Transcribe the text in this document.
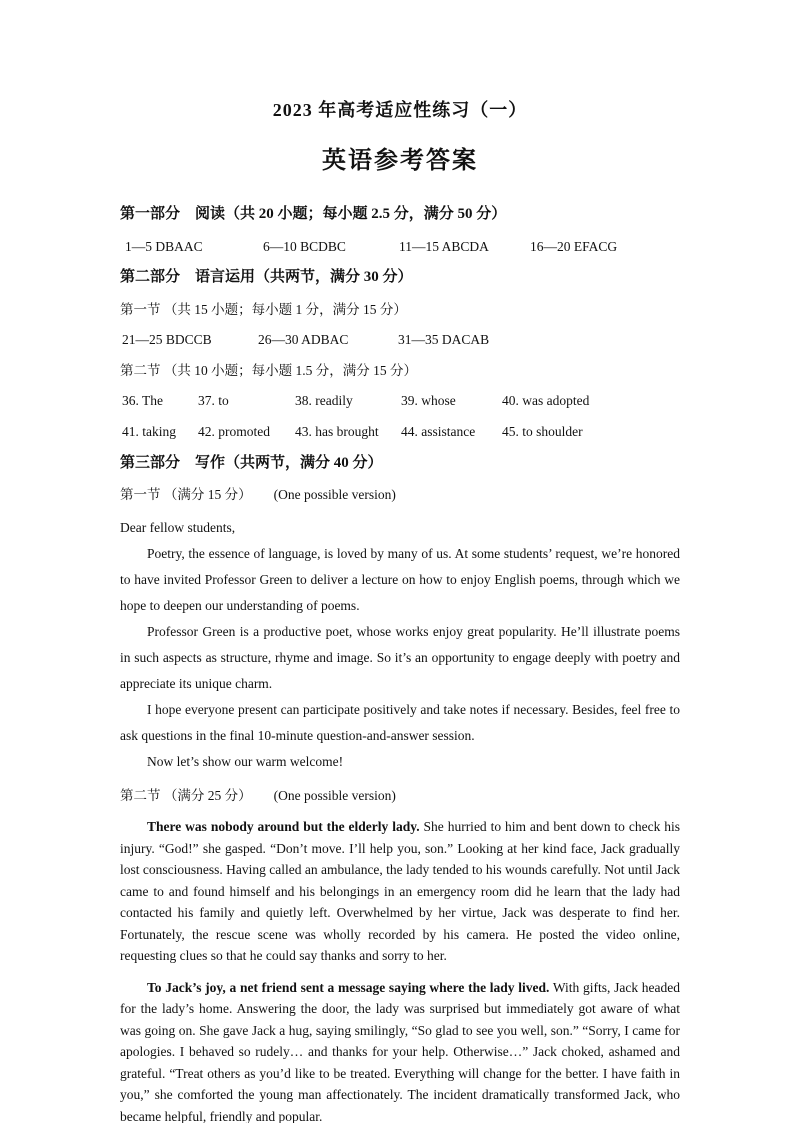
2023 年高考适应性练习（一）
英语参考答案
第一部分 阅读（共 20 小题；每小题 2.5 分，满分 50 分）
1—5 DBAAC	6—10 BCDBC	11—15 ABCDA	16—20 EFACG
第二部分 语言运用（共两节，满分 30 分）
第一节 （共 15 小题；每小题 1 分，满分 15 分）
21—25 BDCCB	26—30 ADBAC	31—35 DACAB
第二节 （共 10 小题；每小题 1.5 分，满分 15 分）
36. The	37. to	38. readily	39. whose	40. was adopted
41. taking	42. promoted	43. has brought	44. assistance	45. to shoulder
第三部分 写作（共两节，满分 40 分）
第一节 （满分 15 分） (One possible version)

Dear fellow students,

Poetry, the essence of language, is loved by many of us. At some students’ request, we’re honored to have invited Professor Green to deliver a lecture on how to enjoy English poems, through which we hope to deepen our understanding of poems.

Professor Green is a productive poet, whose works enjoy great popularity. He’ll illustrate poems in such aspects as structure, rhyme and image. So it’s an opportunity to engage deeply with poetry and appreciate its unique charm.

I hope everyone present can participate positively and take notes if necessary. Besides, feel free to ask questions in the final 10-minute question-and-answer session.

Now let’s show our warm welcome!

第二节 （满分 25 分） (One possible version)

There was nobody around but the elderly lady. She hurried to him and bent down to check his injury. “God!” she gasped. “Don’t move. I’ll help you, son.” Looking at her kind face, Jack gradually lost consciousness. Having called an ambulance, the lady tended to his wounds carefully. Not until Jack came to and found himself and his belongings in an emergency room did he learn that the lady had contacted his family and quietly left. Overwhelmed by her virtue, Jack was desperate to find her. Fortunately, the rescue scene was wholly recorded by his camera. He posted the video online, requesting clues so that he could say thanks and sorry to her.

To Jack’s joy, a net friend sent a message saying where the lady lived. With gifts, Jack headed for the lady’s home. Answering the door, the lady was surprised but immediately got aware of what was going on. She gave Jack a hug, saying smilingly, “So glad to see you well, son.” “Sorry, I came for apologies. I behaved so rudely… and thanks for your help. Otherwise…” Jack choked, ashamed and grateful. “Treat others as you’d like to be treated. Everything will change for the better. I have faith in you,” she comforted the young man affectionately. The incident dramatically transformed Jack, who became helpful, friendly and popular.
